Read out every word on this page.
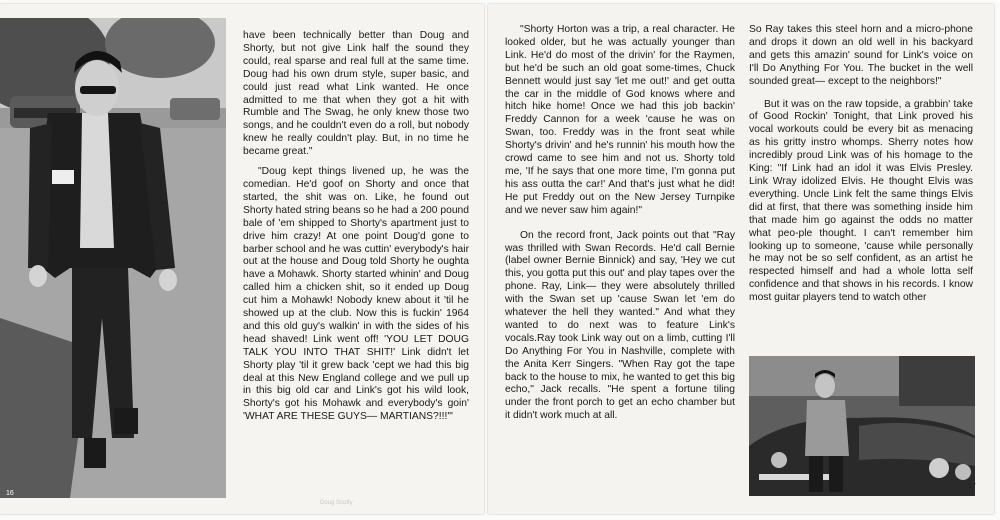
have been technically better than Doug and Shorty, but not give Link half the sound they could, real sparse and real full at the same time. Doug had his own drum style, super basic, and could just read what Link wanted. He once admitted to me that when they got a hit with Rumble and The Swag, he only knew those two songs, and he couldn't even do a roll, but nobody knew he really couldn't play. But, in no time he became great."

"Doug kept things livened up, he was the comedian. He'd goof on Shorty and once that started, the shit was on. Like, he found out Shorty hated string beans so he had a 200 pound bale of 'em shipped to Shorty's apartment just to drive him crazy! At one point Doug'd gone to barber school and he was cuttin' everybody's hair out at the house and Doug told Shorty he oughta have a Mohawk. Shorty started whinin' and Doug called him a chicken shit, so it ended up Doug cut him a Mohawk! Nobody knew about it 'til he showed up at the club. Now this is fuckin' 1964 and this old guy's walkin' in with the sides of his head shaved! Link went off! 'YOU LET DOUG TALK YOU INTO THAT SHIT!' Link didn't let Shorty play 'til it grew back 'cept we had this big deal at this New England college and we pull up in this big old car and Link's got his wild look, Shorty's got his Mohawk and everybody's goin' 'WHAT ARE THESE GUYS— MARTIANS?!!!'"

16
Doug Scotty

"Shorty Horton was a trip, a real character. He looked older, but he was actually younger than Link. He'd do most of the drivin' for the Raymen, but he'd be such an old goat some-times, Chuck Bennett would just say 'let me out!' and get outta the car in the middle of God knows where and hitch hike home! Once we had this job backin' Freddy Cannon for a week 'cause he was on Swan, too. Freddy was in the front seat while Shorty's drivin' and he's runnin' his mouth how the crowd came to see him and not us. Shorty told me, 'If he says that one more time, I'm gonna put his ass outta the car!' And that's just what he did! He put Freddy out on the New Jersey Turnpike and we never saw him again!"

On the record front, Jack points out that "Ray was thrilled with Swan Records. He'd call Bernie (label owner Bernie Binnick) and say, 'Hey we cut this, you gotta put this out' and play tapes over the phone. Ray, Link— they were absolutely thrilled with the Swan set up 'cause Swan let 'em do whatever the hell they wanted." And what they wanted to do next was to feature Link's vocals.Ray took Link way out on a limb, cutting I'll Do Anything For You in Nashville, complete with the Anita Kerr Singers. "When Ray got the tape back to the house to mix, he wanted to get this big echo," Jack recalls. "He spent a fortune tiling under the front porch to get an echo chamber but it didn't work much at all.

So Ray takes this steel horn and a micro-phone and drops it down an old well in his backyard and gets this amazin' sound for Link's voice on I'll Do Anything For You. The bucket in the well sounded great— except to the neighbors!"

But it was on the raw topside, a grabbin' take of Good Rockin' Tonight, that Link proved his vocal workouts could be every bit as menacing as his gritty instro whomps. Sherry notes how incredibly proud Link was of his homage to the King: "If Link had an idol it was Elvis Presley. Link Wray idolized Elvis. He thought Elvis was everything. Uncle Link felt the same things Elvis did at first, that there was something inside him that made him go against the odds no matter what peo-ple thought. I can't remember him looking up to someone, 'cause while personally he may not be so self confident, as an artist he respected himself and had a whole lotta self confidence and that shows in his records. I know most guitar players tend to watch other

17
